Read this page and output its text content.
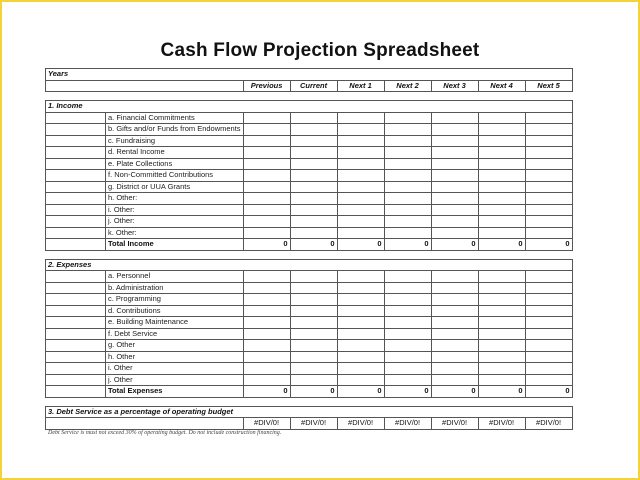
Cash Flow Projection Spreadsheet
Years								
		Previous	Current	Next 1	Next 2	Next 3	Next 4	Next 5

1. Income								
	a. Financial Commitments							
	b. Gifts and/or Funds from Endowments							
	c. Fundraising							
	d. Rental Income							
	e. Plate Collections							
	f. Non-Committed Contributions							
	g. District or UUA Grants							
	h. Other:							
	i. Other:							
	j. Other:							
	k. Other:							
	Total Income	0	0	0	0	0	0	0

2. Expenses								
	a. Personnel							
	b. Administration							
	c. Programming							
	d. Contributions							
	e. Building Maintenance							
	f. Debt Service							
	g. Other							
	h. Other							
	i. Other							
	j. Other							
	Total Expenses	0	0	0	0	0	0	0

3. Debt Service as a percentage of operating budget								
		#DIV/0!	#DIV/0!	#DIV/0!	#DIV/0!	#DIV/0!	#DIV/0!	#DIV/0!
Debt Service is must not exceed 30% of operating budget. Do not include construction financing.
